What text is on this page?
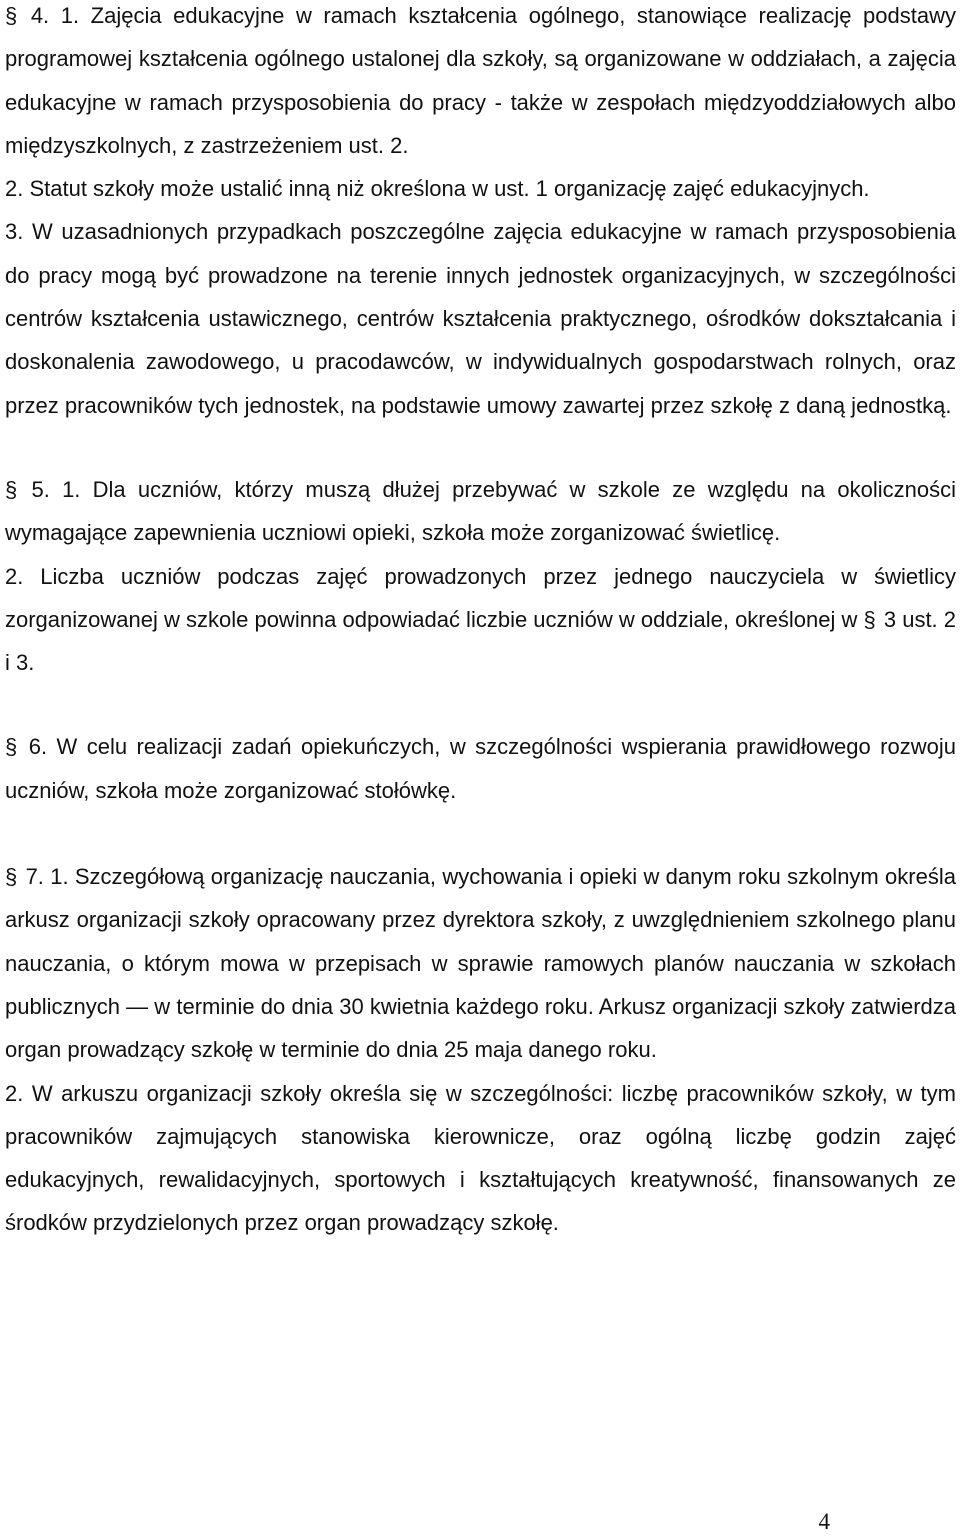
§ 4. 1. Zajęcia edukacyjne w ramach kształcenia ogólnego, stanowiące realizację podstawy programowej kształcenia ogólnego ustalonej dla szkoły, są organizowane w oddziałach, a zajęcia edukacyjne w ramach przysposobienia do pracy - także w zespołach międzyoddziałowych albo międzyszkolnych, z zastrzeżeniem ust. 2.

2. Statut szkoły może ustalić inną niż określona w ust. 1 organizację zajęć edukacyjnych.

3. W uzasadnionych przypadkach poszczególne zajęcia edukacyjne w ramach przysposobienia do pracy mogą być prowadzone na terenie innych jednostek organizacyjnych, w szczególności centrów kształcenia ustawicznego, centrów kształcenia praktycznego, ośrodków dokształcania i doskonalenia zawodowego, u pracodawców, w indywidualnych gospodarstwach rolnych, oraz przez pracowników tych jednostek, na podstawie umowy zawartej przez szkołę z daną jednostką.

§ 5. 1. Dla uczniów, którzy muszą dłużej przebywać w szkole ze względu na okoliczności wymagające zapewnienia uczniowi opieki, szkoła może zorganizować świetlicę.

2. Liczba uczniów podczas zajęć prowadzonych przez jednego nauczyciela w świetlicy zorganizowanej w szkole powinna odpowiadać liczbie uczniów w oddziale, określonej w § 3 ust. 2 i 3.

§ 6. W celu realizacji zadań opiekuńczych, w szczególności wspierania prawidłowego rozwoju uczniów, szkoła może zorganizować stołówkę.

§ 7. 1. Szczegółową organizację nauczania, wychowania i opieki w danym roku szkolnym określa arkusz organizacji szkoły opracowany przez dyrektora szkoły, z uwzględnieniem szkolnego planu nauczania, o którym mowa w przepisach w sprawie ramowych planów nauczania w szkołach publicznych — w terminie do dnia 30 kwietnia każdego roku. Arkusz organizacji szkoły zatwierdza organ prowadzący szkołę w terminie do dnia 25 maja danego roku.

2. W arkuszu organizacji szkoły określa się w szczególności: liczbę pracowników szkoły, w tym pracowników zajmujących stanowiska kierownicze, oraz ogólną liczbę godzin zajęć edukacyjnych, rewalidacyjnych, sportowych i kształtujących kreatywność, finansowanych ze środków przydzielonych przez organ prowadzący szkołę.

4
